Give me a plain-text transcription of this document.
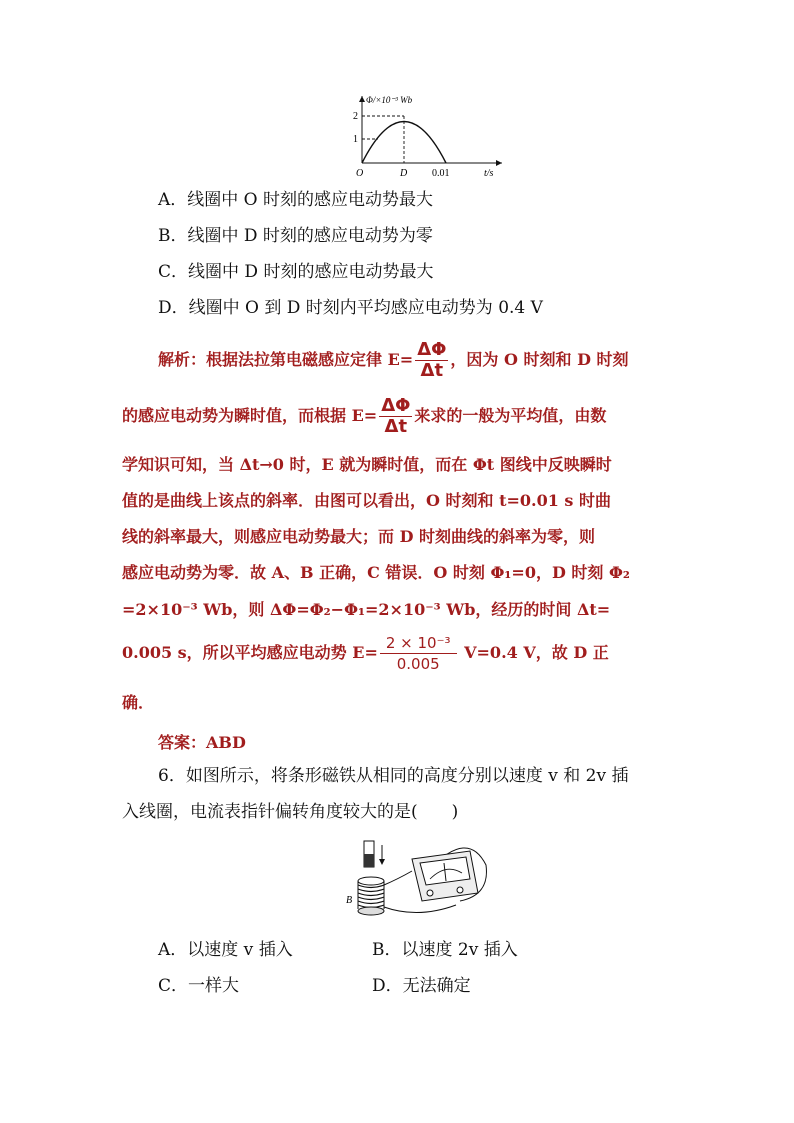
Φ/×10⁻³ Wb
2
1
O	D 0.01	t/s
A．线圈中 O 时刻的感应电动势最大
B．线圈中 D 时刻的感应电动势为零
C．线圈中 D 时刻的感应电动势最大
D．线圈中 O 到 D 时刻内平均感应电动势为 0.4 V
解析：根据法拉第电磁感应定律 $E= \frac{\Delta\Phi}{\Delta t}$ ，因为 O 时刻和 D 时刻
的感应电动势为瞬时值，而根据 $E= \frac{\Delta\Phi}{\Delta t}$ 来求的一般为平均值，由数
学知识可知，当 Δt→0 时，E 就为瞬时值，而在 Φt 图线中反映瞬时
值的是曲线上该点的斜率．由图可以看出，O 时刻和 t=0.01 s 时曲
线的斜率最大，则感应电动势最大；而 D 时刻曲线的斜率为零，则
感应电动势为零．故 A、B 正确，C 错误．O 时刻 Φ₁=0，D 时刻 Φ₂
=2×10⁻³ Wb，则 ΔΦ=Φ₂−Φ₁=2×10⁻³ Wb，经历的时间 Δt=
0.005 s，所以平均感应电动势 $E= \frac{\text{2 × 10⁻³}}{0.005} V=0.4$ V，故 D 正
确．
答案：ABD
6．如图所示，将条形磁铁从相同的高度分别以速度 v 和 2v 插
入线圈，电流表指针偏转角度较大的是(　　)
B
A．以速度 v 插入	B．以速度 2v 插入
C．一样大	D．无法确定
